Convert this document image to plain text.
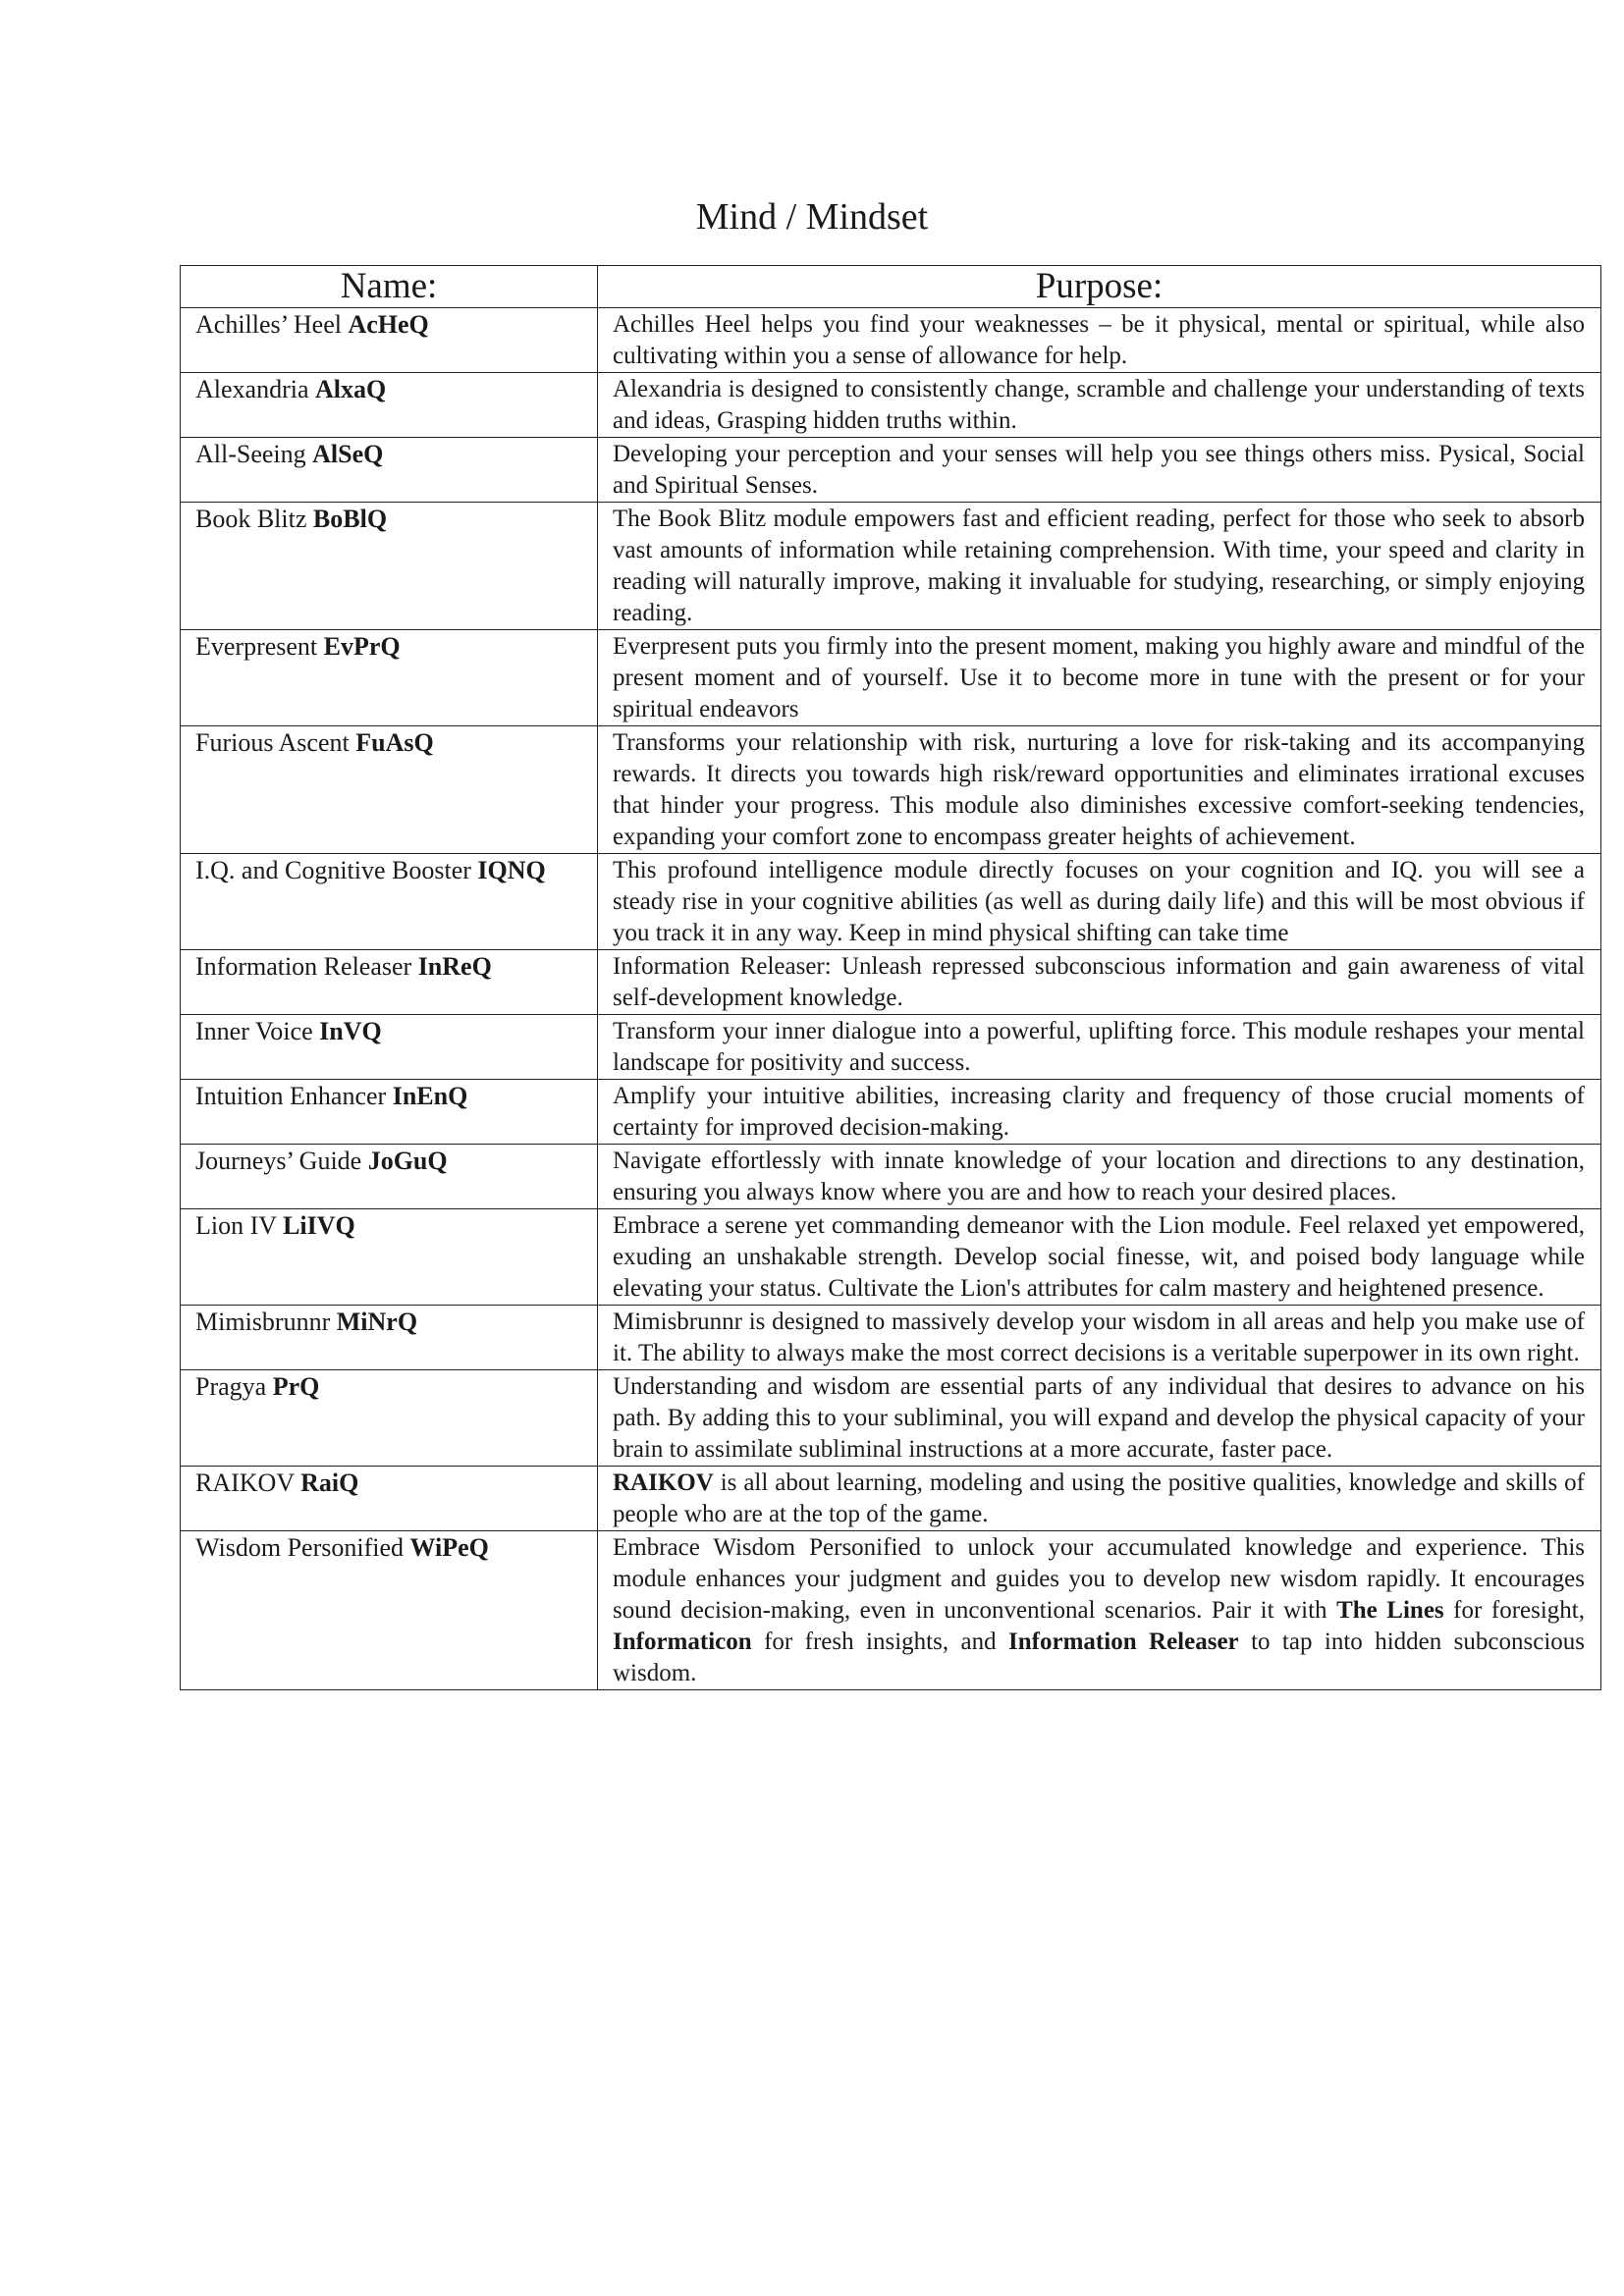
Mind / Mindset
Name:	Purpose:
Achilles’ Heel AcHeQ	Achilles Heel helps you find your weaknesses – be it physical, mental or spiritual, while also cultivating within you a sense of allowance for help.
Alexandria AlxaQ	Alexandria is designed to consistently change, scramble and challenge your understanding of texts and ideas, Grasping hidden truths within.
All-Seeing AlSeQ	Developing your perception and your senses will help you see things others miss. Pysical, Social and Spiritual Senses.
Book Blitz BoBlQ	The Book Blitz module empowers fast and efficient reading, perfect for those who seek to absorb vast amounts of information while retaining comprehension. With time, your speed and clarity in reading will naturally improve, making it invaluable for studying, researching, or simply enjoying reading.
Everpresent EvPrQ	Everpresent puts you firmly into the present moment, making you highly aware and mindful of the present moment and of yourself. Use it to become more in tune with the present or for your spiritual endeavors
Furious Ascent FuAsQ	Transforms your relationship with risk, nurturing a love for risk-taking and its accompanying rewards. It directs you towards high risk/reward opportunities and eliminates irrational excuses that hinder your progress. This module also diminishes excessive comfort-seeking tendencies, expanding your comfort zone to encompass greater heights of achievement.
I.Q. and Cognitive Booster IQNQ	This profound intelligence module directly focuses on your cognition and IQ. you will see a steady rise in your cognitive abilities (as well as during daily life) and this will be most obvious if you track it in any way. Keep in mind physical shifting can take time
Information Releaser InReQ	Information Releaser: Unleash repressed subconscious information and gain awareness of vital self-development knowledge.
Inner Voice InVQ	Transform your inner dialogue into a powerful, uplifting force. This module reshapes your mental landscape for positivity and success.
Intuition Enhancer InEnQ	Amplify your intuitive abilities, increasing clarity and frequency of those crucial moments of certainty for improved decision-making.
Journeys’ Guide JoGuQ	Navigate effortlessly with innate knowledge of your location and directions to any destination, ensuring you always know where you are and how to reach your desired places.
Lion IV LiIVQ	Embrace a serene yet commanding demeanor with the Lion module. Feel relaxed yet empowered, exuding an unshakable strength. Develop social finesse, wit, and poised body language while elevating your status. Cultivate the Lion's attributes for calm mastery and heightened presence.
Mimisbrunnr MiNrQ	Mimisbrunnr is designed to massively develop your wisdom in all areas and help you make use of it. The ability to always make the most correct decisions is a veritable superpower in its own right.
Pragya PrQ	Understanding and wisdom are essential parts of any individual that desires to advance on his path. By adding this to your subliminal, you will expand and develop the physical capacity of your brain to assimilate subliminal instructions at a more accurate, faster pace.
RAIKOV RaiQ	RAIKOV is all about learning, modeling and using the positive qualities, knowledge and skills of people who are at the top of the game.
Wisdom Personified WiPeQ	Embrace Wisdom Personified to unlock your accumulated knowledge and experience. This module enhances your judgment and guides you to develop new wisdom rapidly. It encourages sound decision-making, even in unconventional scenarios. Pair it with The Lines for foresight, Informaticon for fresh insights, and Information Releaser to tap into hidden subconscious wisdom.
